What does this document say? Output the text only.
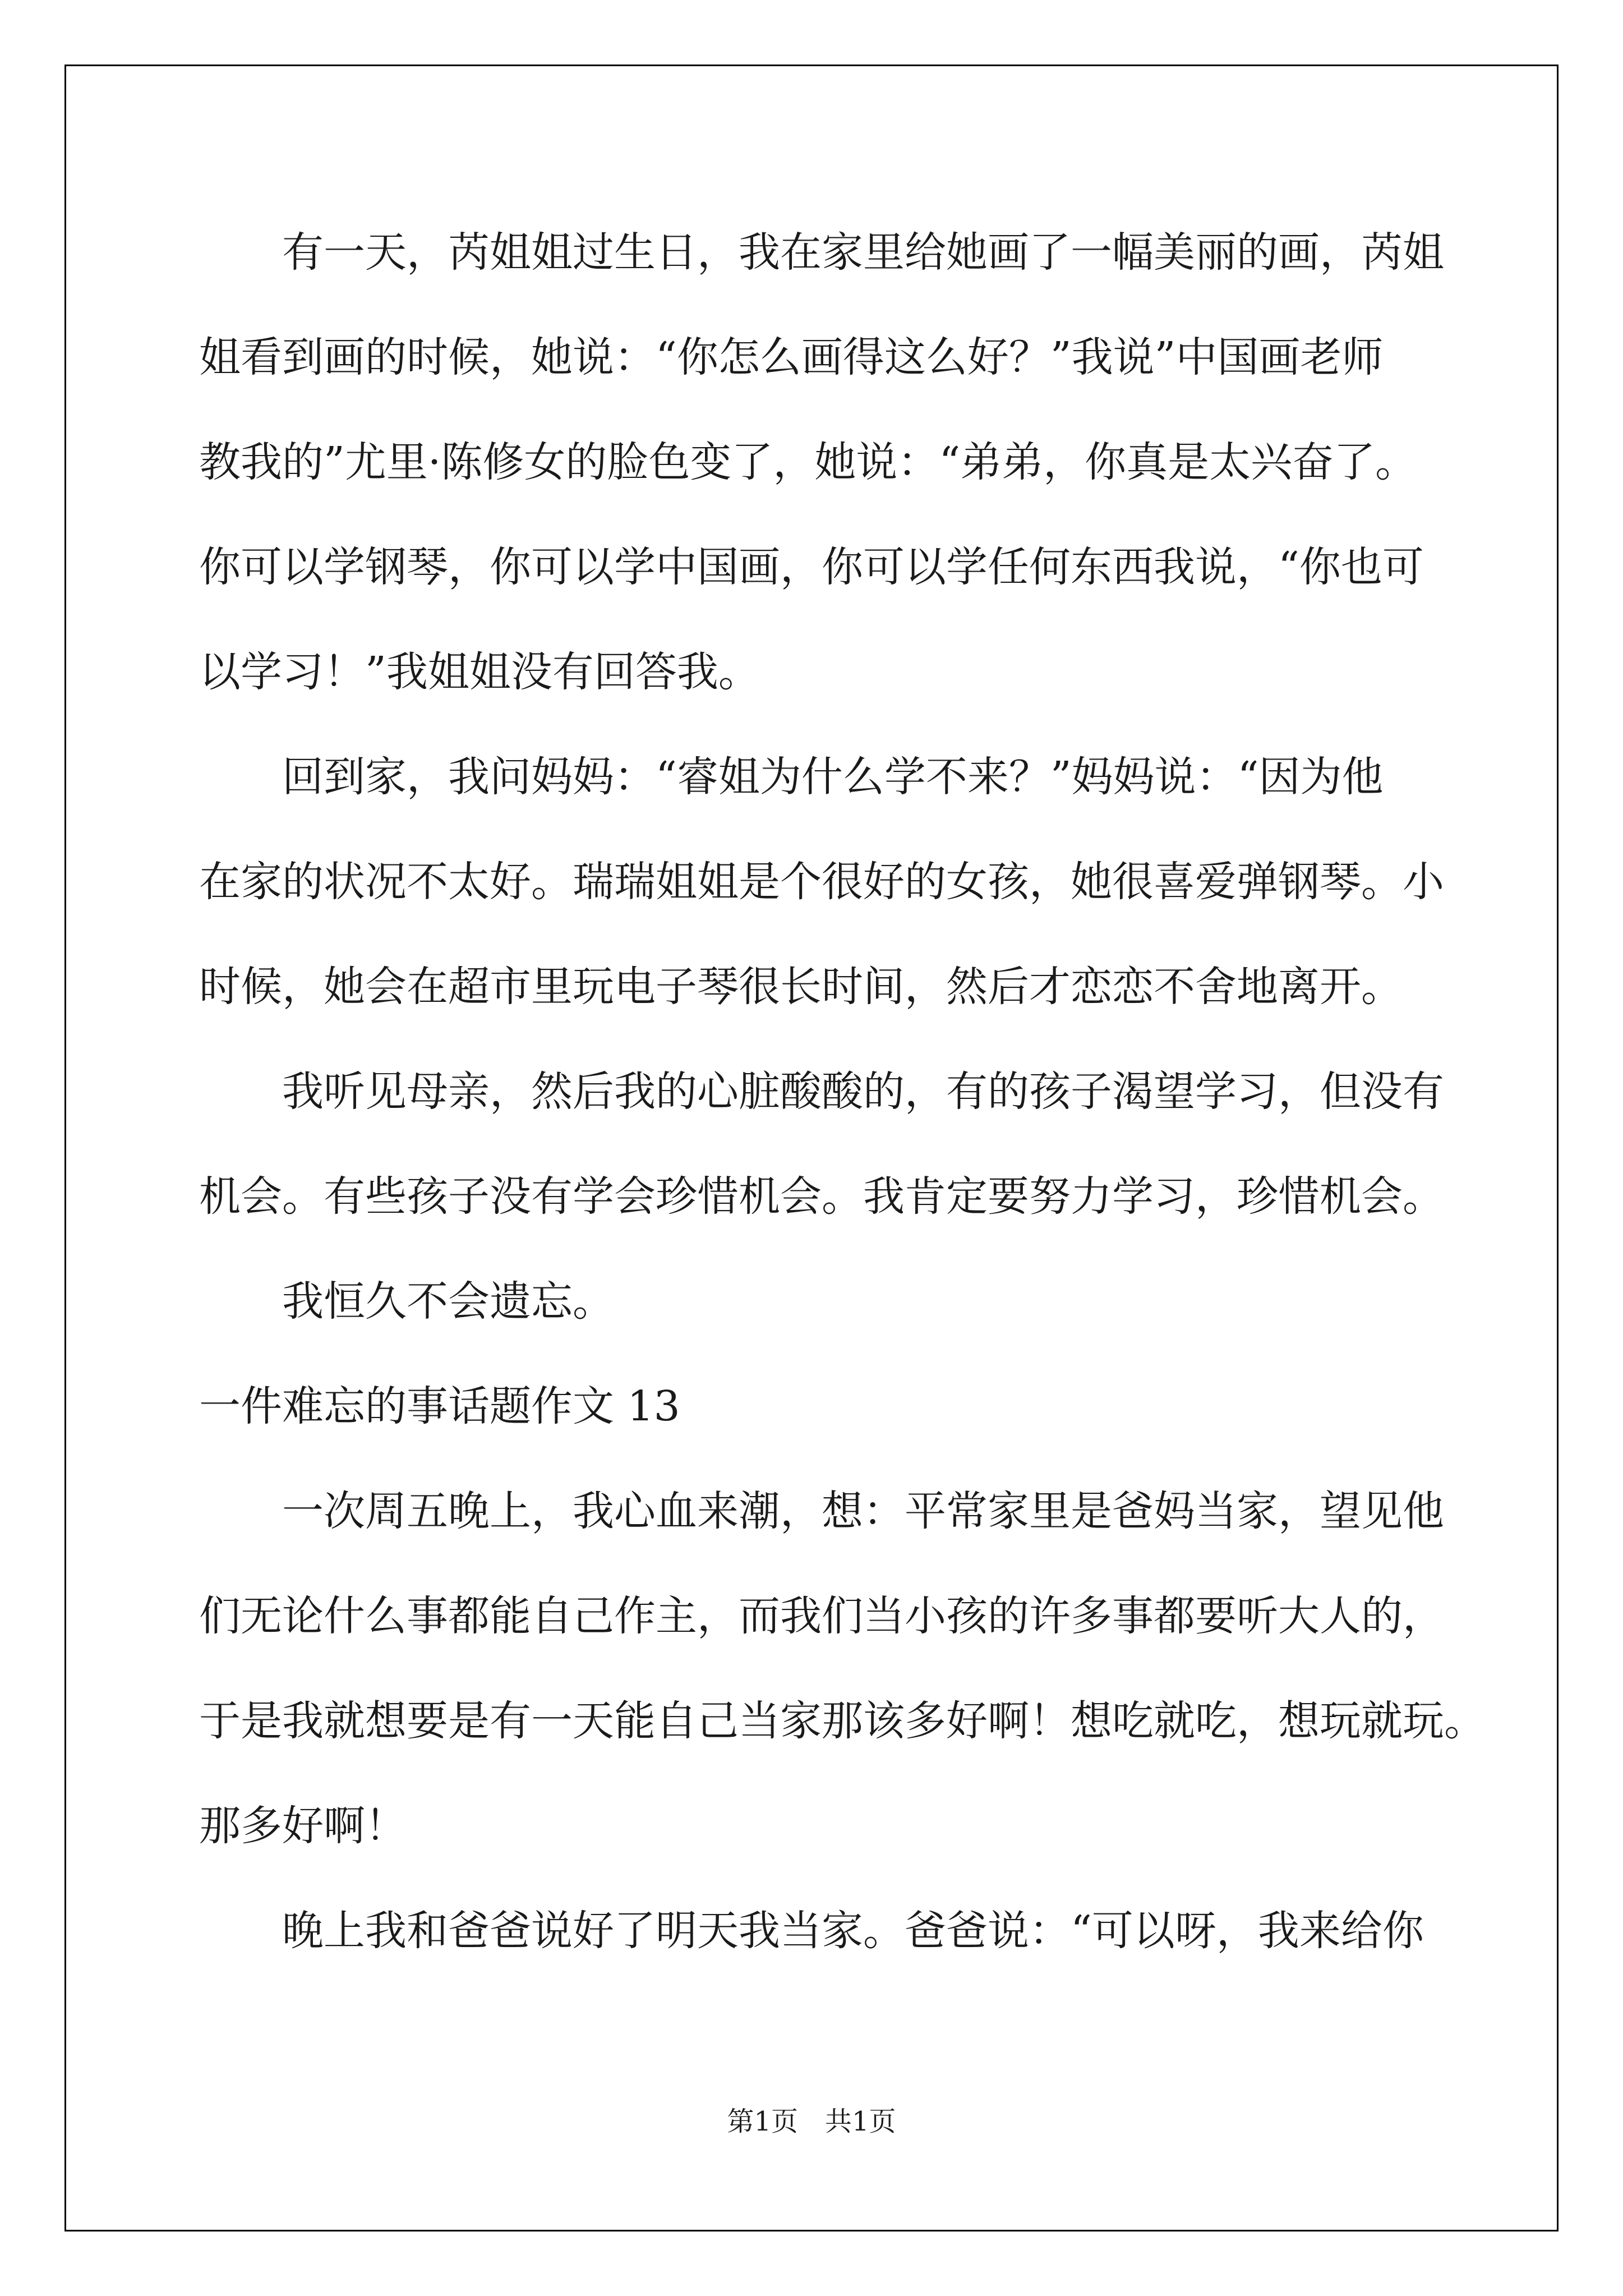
　　有一天，芮姐姐过生日，我在家里给她画了一幅美丽的画，芮姐

姐看到画的时候，她说：“你怎么画得这么好？”我说”中国画老师

教我的”尤里·陈修女的脸色变了，她说：“弟弟，你真是太兴奋了。

你可以学钢琴，你可以学中国画，你可以学任何东西我说，“你也可

以学习！”我姐姐没有回答我。

　　回到家，我问妈妈：“睿姐为什么学不来？”妈妈说：“因为他

在家的状况不太好。瑞瑞姐姐是个很好的女孩，她很喜爱弹钢琴。小

时候，她会在超市里玩电子琴很长时间，然后才恋恋不舍地离开。

　　我听见母亲，然后我的心脏酸酸的，有的孩子渴望学习，但没有

机会。有些孩子没有学会珍惜机会。我肯定要努力学习，珍惜机会。

　　我恒久不会遗忘。

一件难忘的事话题作文 13

　　一次周五晚上，我心血来潮，想：平常家里是爸妈当家，望见他

们无论什么事都能自己作主，而我们当小孩的许多事都要听大人的，

于是我就想要是有一天能自己当家那该多好啊！想吃就吃，想玩就玩。

那多好啊！

　　晚上我和爸爸说好了明天我当家。爸爸说：“可以呀，我来给你

第1页　共1页
